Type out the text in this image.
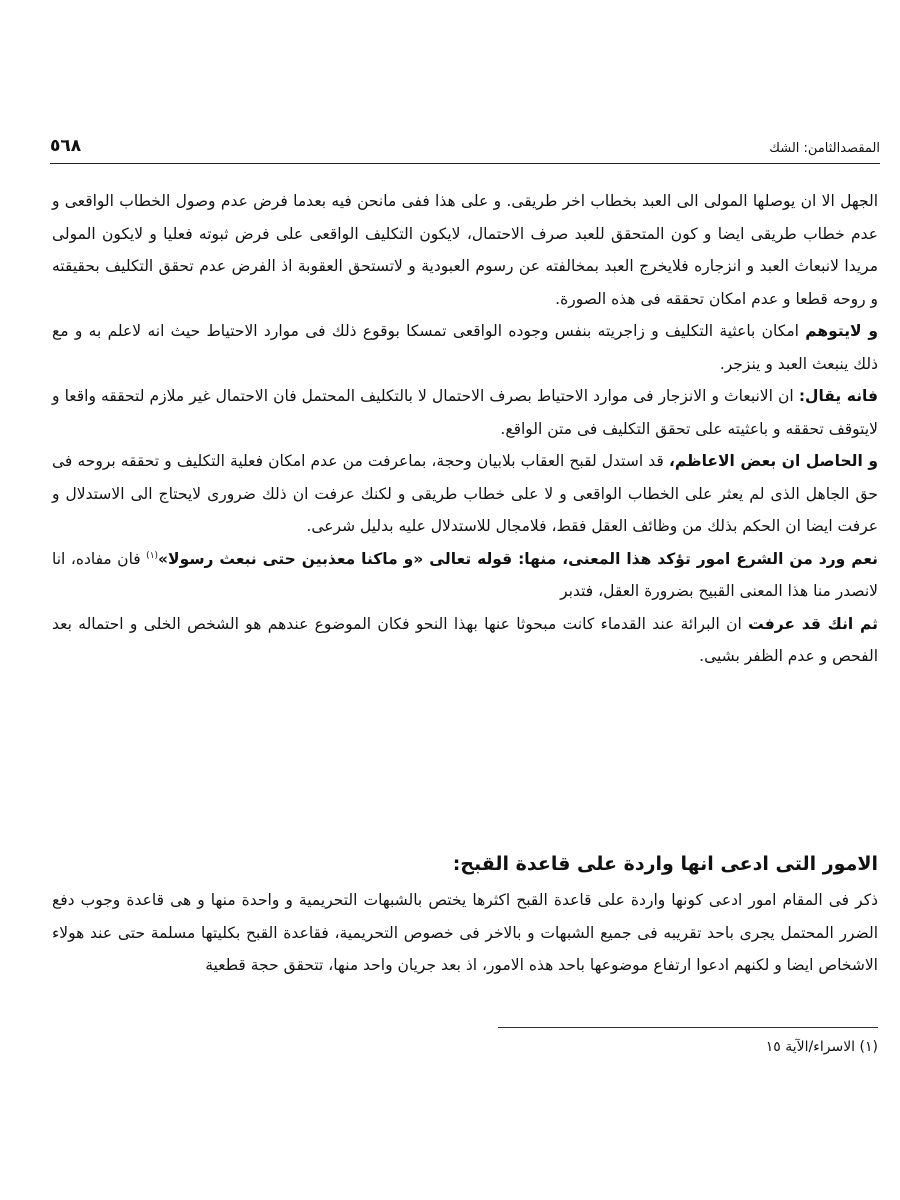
المقصدالثامن: الشك
٥٦٨

الجهل الا ان يوصلها المولى الى العبد بخطاب اخر طريقى. و على هذا ففى مانحن فيه بعدما فرض عدم وصول الخطاب الواقعى و عدم خطاب طريقى ايضا و كون المتحقق للعبد صرف الاحتمال، لايكون التكليف الواقعى على فرض ثبوته فعليا و لايكون المولى مريدا لانبعاث العبد و انزجاره فلايخرج العبد بمخالفته عن رسوم العبودية و لاتستحق العقوبة اذ الفرض عدم تحقق التكليف بحقيقته و روحه قطعا و عدم امكان تحققه فى هذه الصورة.

و لايتوهم امكان باعثية التكليف و زاجريته بنفس وجوده الواقعى تمسكا بوقوع ذلك فى موارد الاحتياط حيث انه لاعلم به و مع ذلك ينبعث العبد و ينزجر.

فانه يقال: ان الانبعاث و الانزجار فى موارد الاحتياط بصرف الاحتمال لا بالتكليف المحتمل فان الاحتمال غير ملازم لتحققه واقعا و لايتوقف تحققه و باعثيته على تحقق التكليف فى متن الواقع.

و الحاصل ان بعض الاعاظم، قد استدل لقبح العقاب بلابيان وحجة، بماعرفت من عدم امكان فعلية التكليف و تحققه بروحه فى حق الجاهل الذى لم يعثر على الخطاب الواقعى و لا على خطاب طريقى و لكنك عرفت ان ذلك ضرورى لايحتاج الى الاستدلال و عرفت ايضا ان الحكم بذلك من وظائف العقل فقط، فلامجال للاستدلال عليه بدليل شرعى.

نعم ورد من الشرع امور تؤكد هذا المعنى، منها: قوله تعالى «و ماكنا معذبين حتى نبعث رسولا»$^{(١)}$ فان مفاده، انا لانصدر منا هذا المعنى القبيح بضرورة العقل، فتدبر

ثم انك قد عرفت ان البرائة عند القدماء كانت مبحوثا عنها بهذا النحو فكان الموضوع عندهم هو الشخص الخلى و احتماله بعد الفحص و عدم الظفر بشيى.

الامور التى ادعى انها واردة على قاعدة القبح:

ذكر فى المقام امور ادعى كونها واردة على قاعدة القبح اكثرها يختص بالشبهات التحريمية و واحدة منها و هى قاعدة وجوب دفع الضرر المحتمل يجرى باحد تقريبه فى جميع الشبهات و بالاخر فى خصوص التحريمية، فقاعدة القبح بكليتها مسلمة حتى عند هولاء الاشخاص ايضا و لكنهم ادعوا ارتفاع موضوعها باحد هذه الامور، اذ بعد جريان واحد منها، تتحقق حجة قطعية

(١) الاسراء/الآية ١٥
